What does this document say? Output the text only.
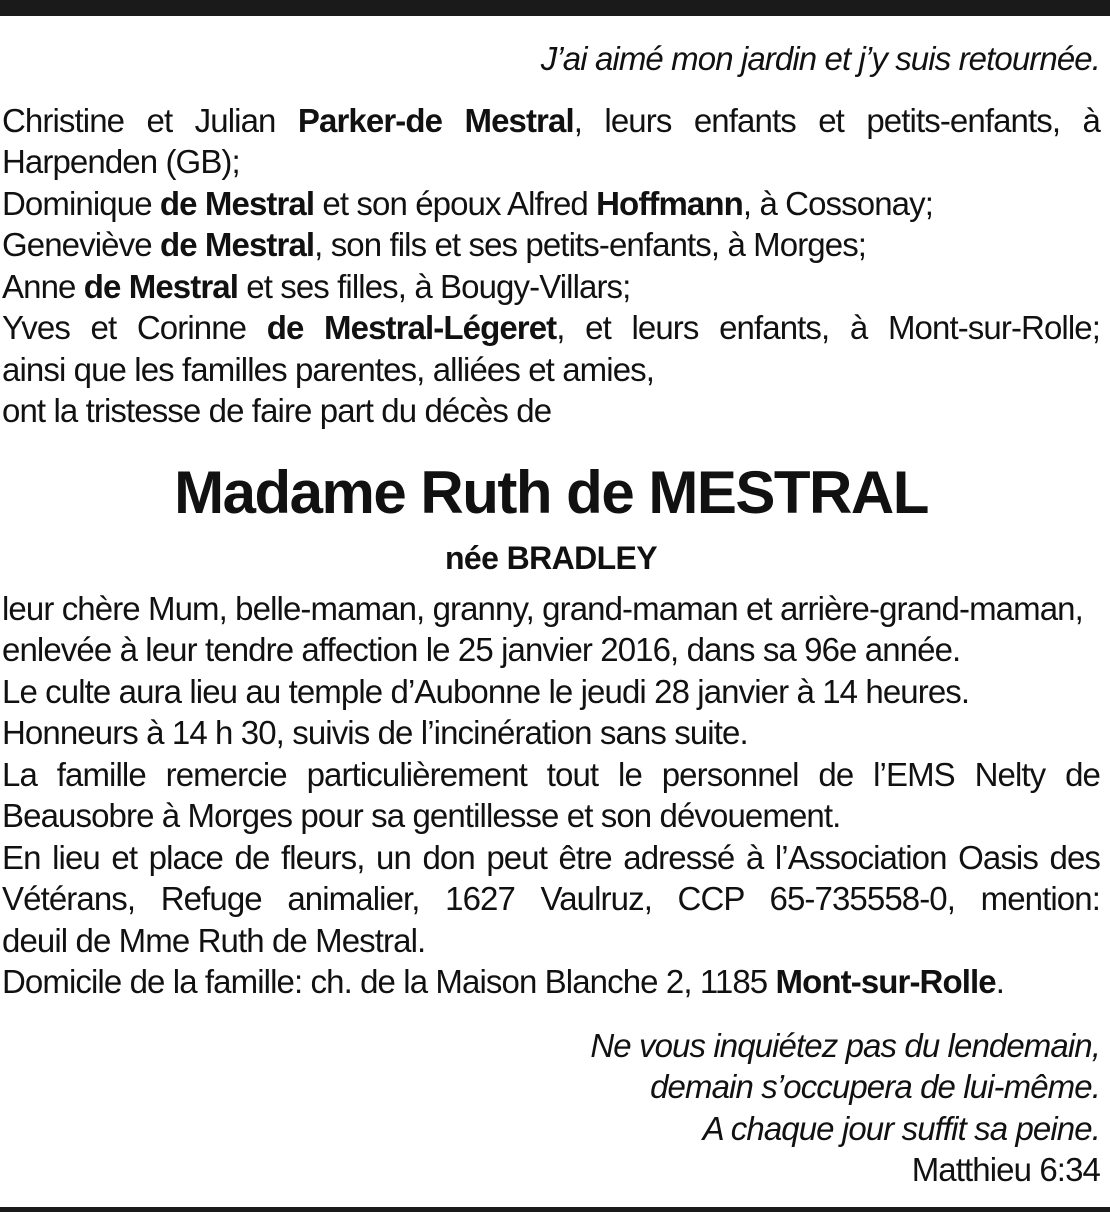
J’ai aimé mon jardin et j’y suis retournée.
Christine et Julian Parker-de Mestral, leurs enfants et petits-enfants, à
Harpenden (GB);
Dominique de Mestral et son époux Alfred Hoffmann, à Cossonay;
Geneviève de Mestral, son fils et ses petits-enfants, à Morges;
Anne de Mestral et ses filles, à Bougy-Villars;
Yves et Corinne de Mestral-Légeret, et leurs enfants, à Mont-sur-Rolle;
ainsi que les familles parentes, alliées et amies,
ont la tristesse de faire part du décès de
Madame Ruth de MESTRAL
née BRADLEY
leur chère Mum, belle-maman, granny, grand-maman et arrière-grand-maman,
enlevée à leur tendre affection le 25 janvier 2016, dans sa 96e année.
Le culte aura lieu au temple d’Aubonne le jeudi 28 janvier à 14 heures.
Honneurs à 14 h 30, suivis de l’incinération sans suite.
La famille remercie particulièrement tout le personnel de l’EMS Nelty de
Beausobre à Morges pour sa gentillesse et son dévouement.
En lieu et place de fleurs, un don peut être adressé à l’Association Oasis des
Vétérans, Refuge animalier, 1627 Vaulruz, CCP 65-735558-0, mention:
deuil de Mme Ruth de Mestral.
Domicile de la famille: ch. de la Maison Blanche 2, 1185 Mont-sur-Rolle.
Ne vous inquiétez pas du lendemain,
demain s’occupera de lui-même.
A chaque jour suffit sa peine.
Matthieu 6:34
